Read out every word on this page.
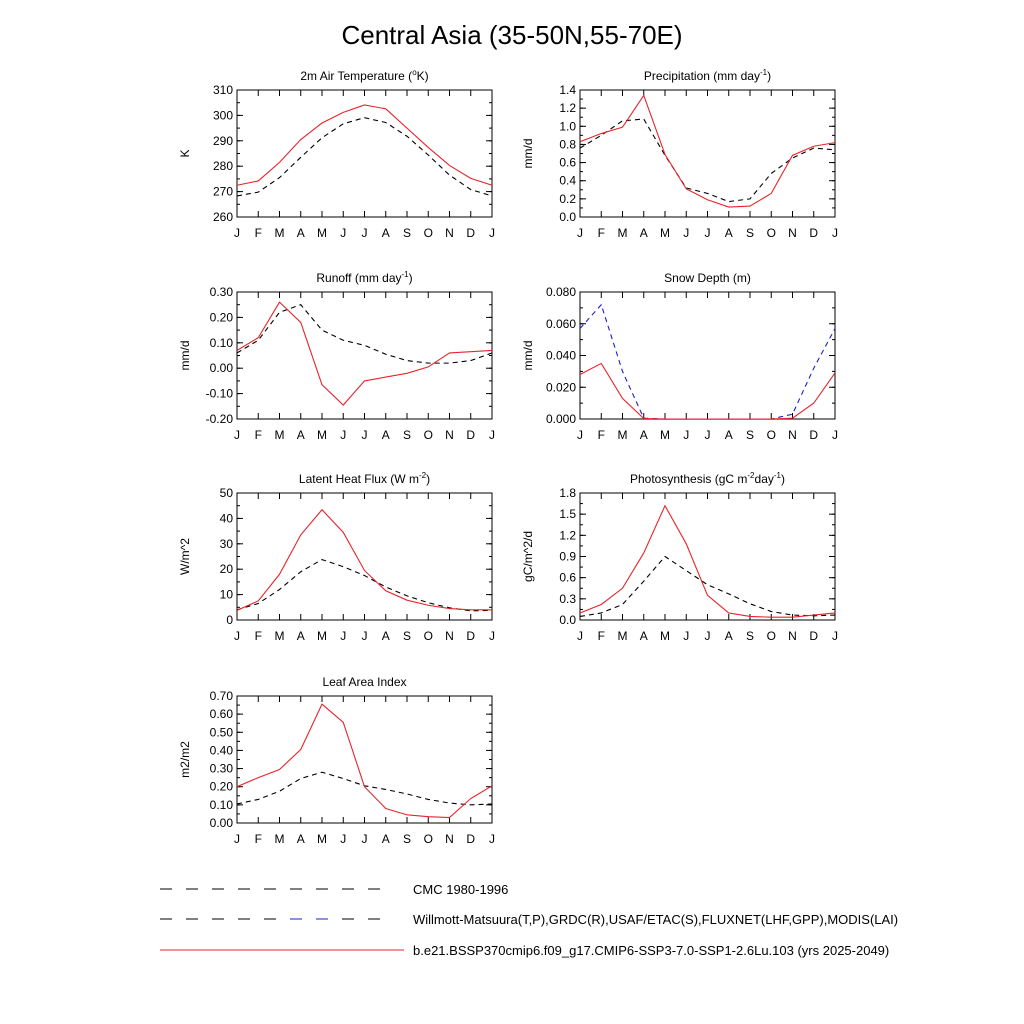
Central Asia (35-50N,55-70E)
2m Air Temperature ($^o$K)
260
270
280
290
300
310
J F M A M J J A S O N D J
K
Precipitation (mm day$^{-1}$)
0.0
0.2
0.4
0.6
0.8
1.0
1.2
1.4
J F M A M J J A S O N D J
mm/d
Runoff (mm day$^{-1}$)
-0.20
-0.10
0.00
0.10
0.20
0.30
J F M A M J J A S O N D J
mm/d
Snow Depth (m)
0.000
0.020
0.040
0.060
0.080
J F M A M J J A S O N D J
mm/d
Latent Heat Flux (W $m^{-2}$)
0
10
20
30
40
50
J F M A M J J A S O N D J
W/m^2
Photosynthesis (gC $m^{-2}day^{-1}$)
0.0
0.3
0.6
0.9
1.2
1.5
1.8
J F M A M J J A S O N D J
gC/m^2/d
Leaf Area Index
0.00
0.10
0.20
0.30
0.40
0.50
0.60
0.70
J F M A M J J A S O N D J
m2/m2
CMC 1980-1996
Willmott-Matsuura(T,P),GRDC(R),USAF/ETAC(S),FLUXNET(LHF,GPP),MODIS(LAI)
b.e21.BSSP370cmip6.f09_g17.CMIP6-SSP3-7.0-SSP1-2.6Lu.103 (yrs 2025-2049)
